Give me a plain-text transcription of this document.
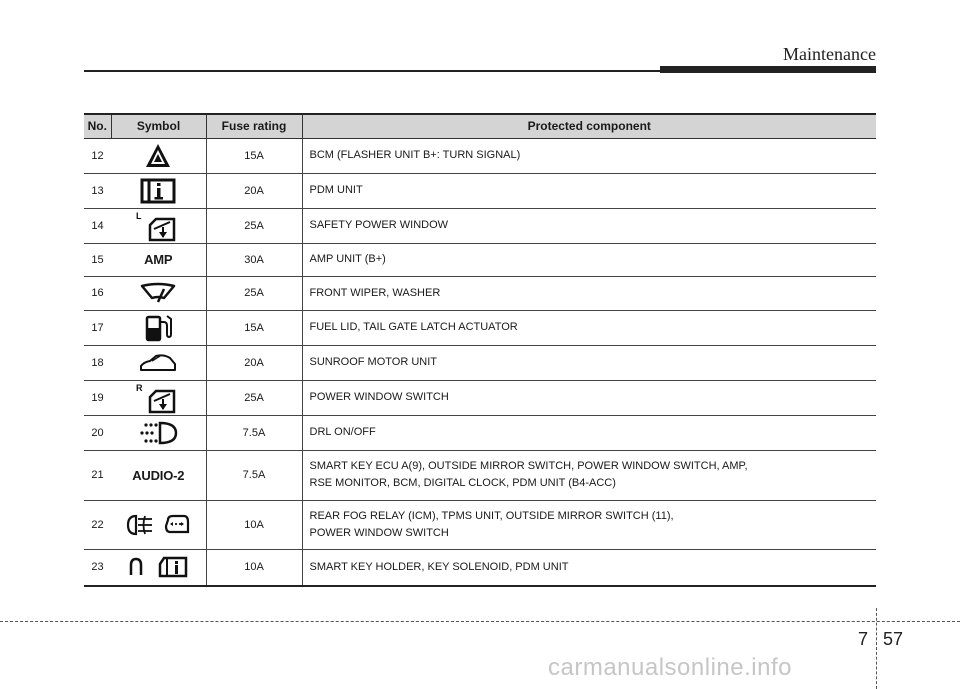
Maintenance
No.	Symbol	Fuse rating	Protected component
12		15A	BCM (FLASHER UNIT B+: TURN SIGNAL)

13		20A	PDM UNIT

14	L	25A	SAFETY POWER WINDOW

15	AMP	30A	AMP UNIT (B+)

16		25A	FRONT WIPER, WASHER

17		15A	FUEL LID, TAIL GATE LATCH ACTUATOR

18		20A	SUNROOF MOTOR UNIT

19	R	25A	POWER WINDOW SWITCH

20		7.5A	DRL ON/OFF

21	AUDIO-2	7.5A	SMART KEY ECU A(9), OUTSIDE MIRROR SWITCH, POWER WINDOW SWITCH, AMP,
RSE MONITOR, BCM, DIGITAL CLOCK, PDM UNIT (B4-ACC)

22		10A	REAR FOG RELAY (ICM), TPMS UNIT, OUTSIDE MIRROR SWITCH (11),
POWER WINDOW SWITCH

23		10A	SMART KEY HOLDER, KEY SOLENOID, PDM UNIT
7 57
carmanualsonline.info
